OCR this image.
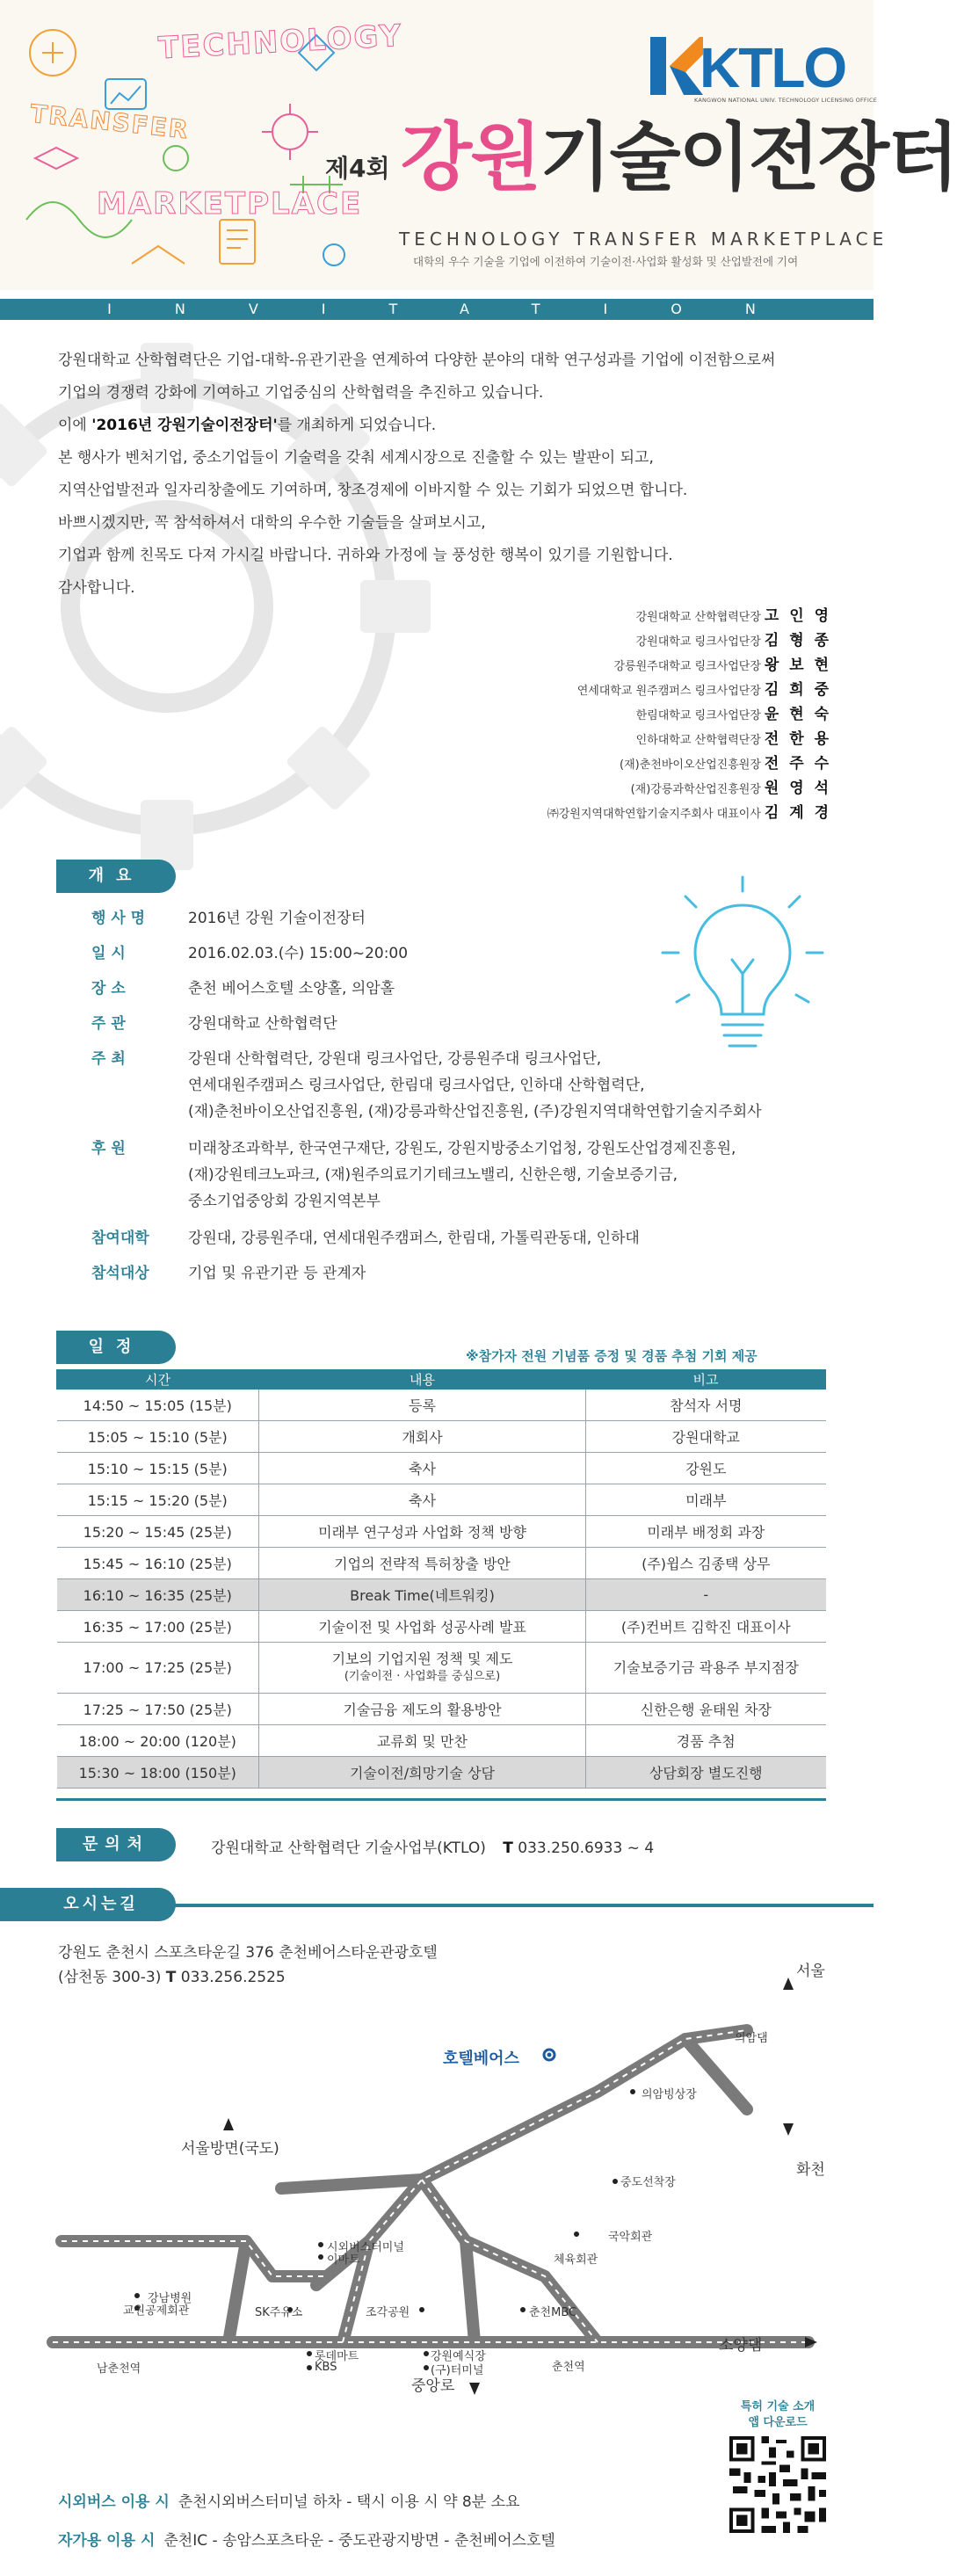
TECHNOLOGY
TRANSFER
MARKETPLACE
KTLO
KANGWON NATIONAL UNIV. TECHNOLOGY LICENSING OFFICE
제4회 강원기술이전장터
TECHNOLOGY TRANSFER MARKETPLACE
대학의 우수 기술을 기업에 이전하여 기술이전·사업화 활성화 및 산업발전에 기여
INVITATION

강원대학교 산학협력단은 기업-대학-유관기관을 연계하여 다양한 분야의 대학 연구성과를 기업에 이전함으로써

기업의 경쟁력 강화에 기여하고 기업중심의 산학협력을 추진하고 있습니다.

이에 '2016년 강원기술이전장터'를 개최하게 되었습니다.

본 행사가 벤처기업, 중소기업들이 기술력을 갖춰 세계시장으로 진출할 수 있는 발판이 되고,

지역산업발전과 일자리창출에도 기여하며, 창조경제에 이바지할 수 있는 기회가 되었으면 합니다.

바쁘시겠지만, 꼭 참석하셔서 대학의 우수한 기술들을 살펴보시고,

기업과 함께 친목도 다져 가시길 바랍니다. 귀하와 가정에 늘 풍성한 행복이 있기를 기원합니다.

감사합니다.

강원대학교 산학협력단장 고 인 영
강원대학교 링크사업단장 김 형 종
강릉원주대학교 링크사업단장 왕 보 현
연세대학교 원주캠퍼스 링크사업단장 김 희 중
한림대학교 링크사업단장 윤 현 숙
인하대학교 산학협력단장 전 한 용
(재)춘천바이오산업진흥원장 전 주 수
(재)강릉과학산업진흥원장 원 영 석
㈜강원지역대학연합기술지주회사 대표이사 김 계 경
개요
행 사 명	2016년 강원 기술이전장터
일 시	2016.02.03.(수) 15:00~20:00
장 소	춘천 베어스호텔 소양홀, 의암홀
주 관	강원대학교 산학협력단
주 최	강원대 산학협력단, 강원대 링크사업단, 강릉원주대 링크사업단,
연세대원주캠퍼스 링크사업단, 한림대 링크사업단, 인하대 산학협력단,
(재)춘천바이오산업진흥원, (재)강릉과학산업진흥원, (주)강원지역대학연합기술지주회사
후 원	미래창조과학부, 한국연구재단, 강원도, 강원지방중소기업청, 강원도산업경제진흥원,
(재)강원테크노파크, (재)원주의료기기테크노밸리, 신한은행, 기술보증기금,
중소기업중앙회 강원지역본부
참여대학	강원대, 강릉원주대, 연세대원주캠퍼스, 한림대, 가톨릭관동대, 인하대
참석대상	기업 및 유관기관 등 관계자
일정	※참가자 전원 기념품 증정 및 경품 추첨 기회 제공
시간	내용	비고
14:50 ~ 15:05 (15분)	등록	참석자 서명
15:05 ~ 15:10 (5분)	개회사	강원대학교
15:10 ~ 15:15 (5분)	축사	강원도
15:15 ~ 15:20 (5분)	축사	미래부
15:20 ~ 15:45 (25분)	미래부 연구성과 사업화 정책 방향	미래부 배정회 과장
15:45 ~ 16:10 (25분)	기업의 전략적 특허창출 방안	(주)윕스 김종택 상무
16:10 ~ 16:35 (25분)	Break Time(네트워킹)	-
16:35 ~ 17:00 (25분)	기술이전 및 사업화 성공사례 발표	(주)컨버트 김학진 대표이사
17:00 ~ 17:25 (25분)	기보의 기업지원 정책 및 제도
(기술이전 · 사업화를 중심으로)	기술보증기금 곽용주 부지점장
17:25 ~ 17:50 (25분)	기술금융 제도의 활용방안	신한은행 윤태원 차장
18:00 ~ 20:00 (120분)	교류회 및 만찬	경품 추첨
15:30 ~ 18:00 (150분)	기술이전/희망기술 상담	상담회장 별도진행
문의처	강원대학교 산학협력단 기술사업부(KTLO) T 033.250.6933 ~ 4
오시는길
강원도 춘천시 스포츠타운길 376 춘천베어스타운관광호텔
(삼천동 300-3) T 033.256.2525	서울
의암댐
의암빙상장
화천
서울방면(국도)
호텔베어스
중도선착장
국악회관
체육회관
시외버스터미널
이마트
강남병원
교원공제회관	SK주유소	조각공원	춘천MBC
소양댐
남춘천역
롯데마트
KBS
강원예식장
(구)터미널	춘천역
중앙로
특허 기술 소개
앱 다운로드
시외버스 이용 시 춘천시외버스터미널 하차 - 택시 이용 시 약 8분 소요
자가용 이용 시 춘천IC - 송암스포츠타운 - 중도관광지방면 - 춘천베어스호텔
